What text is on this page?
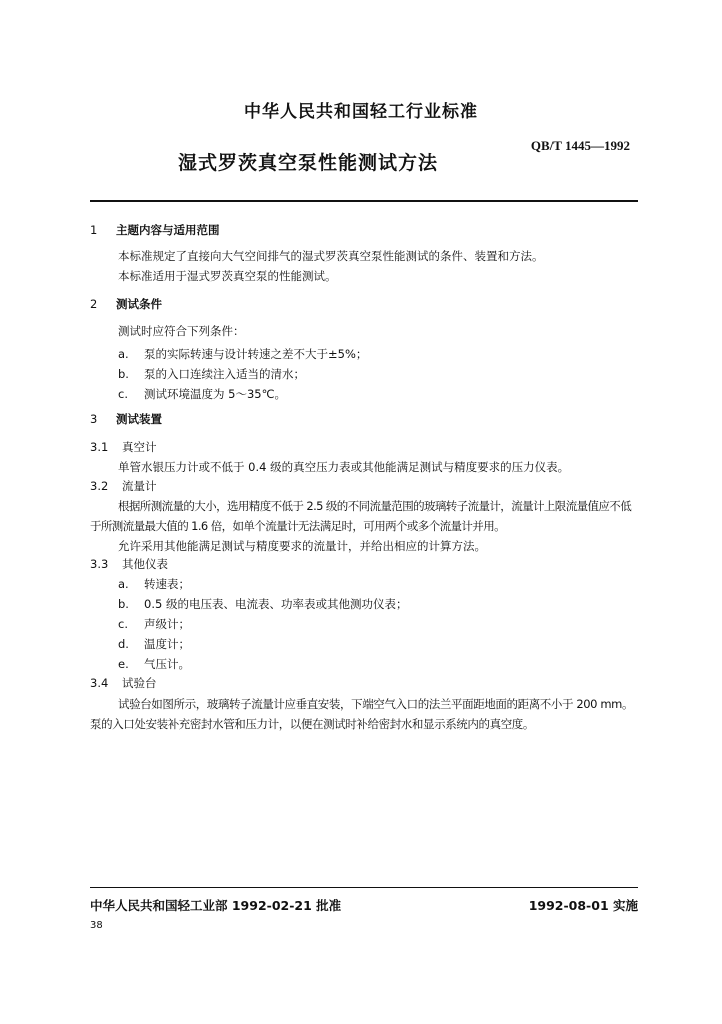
中华人民共和国轻工行业标准
QB/T 1445—1992
湿式罗茨真空泵性能测试方法
1 主题内容与适用范围
本标准规定了直接向大气空间排气的湿式罗茨真空泵性能测试的条件、装置和方法。
本标准适用于湿式罗茨真空泵的性能测试。
2 测试条件
测试时应符合下列条件：
a. 泵的实际转速与设计转速之差不大于±5%；
b. 泵的入口连续注入适当的清水；
c. 测试环境温度为 5～35℃。
3 测试装置
3.1 真空计
单管水银压力计或不低于 0.4 级的真空压力表或其他能满足测试与精度要求的压力仪表。
3.2 流量计
根据所测流量的大小，选用精度不低于 2.5 级的不同流量范围的玻璃转子流量计，流量计上限流量值应不低于所测流量最大值的 1.6 倍，如单个流量计无法满足时，可用两个或多个流量计并用。
允许采用其他能满足测试与精度要求的流量计，并给出相应的计算方法。
3.3 其他仪表
a. 转速表；
b. 0.5 级的电压表、电流表、功率表或其他测功仪表；
c. 声级计；
d. 温度计；
e. 气压计。
3.4 试验台
试验台如图所示，玻璃转子流量计应垂直安装，下端空气入口的法兰平面距地面的距离不小于 200 mm。泵的入口处安装补充密封水管和压力计，以便在测试时补给密封水和显示系统内的真空度。
中华人民共和国轻工业部 1992-02-21 批准	1992-08-01 实施
38
